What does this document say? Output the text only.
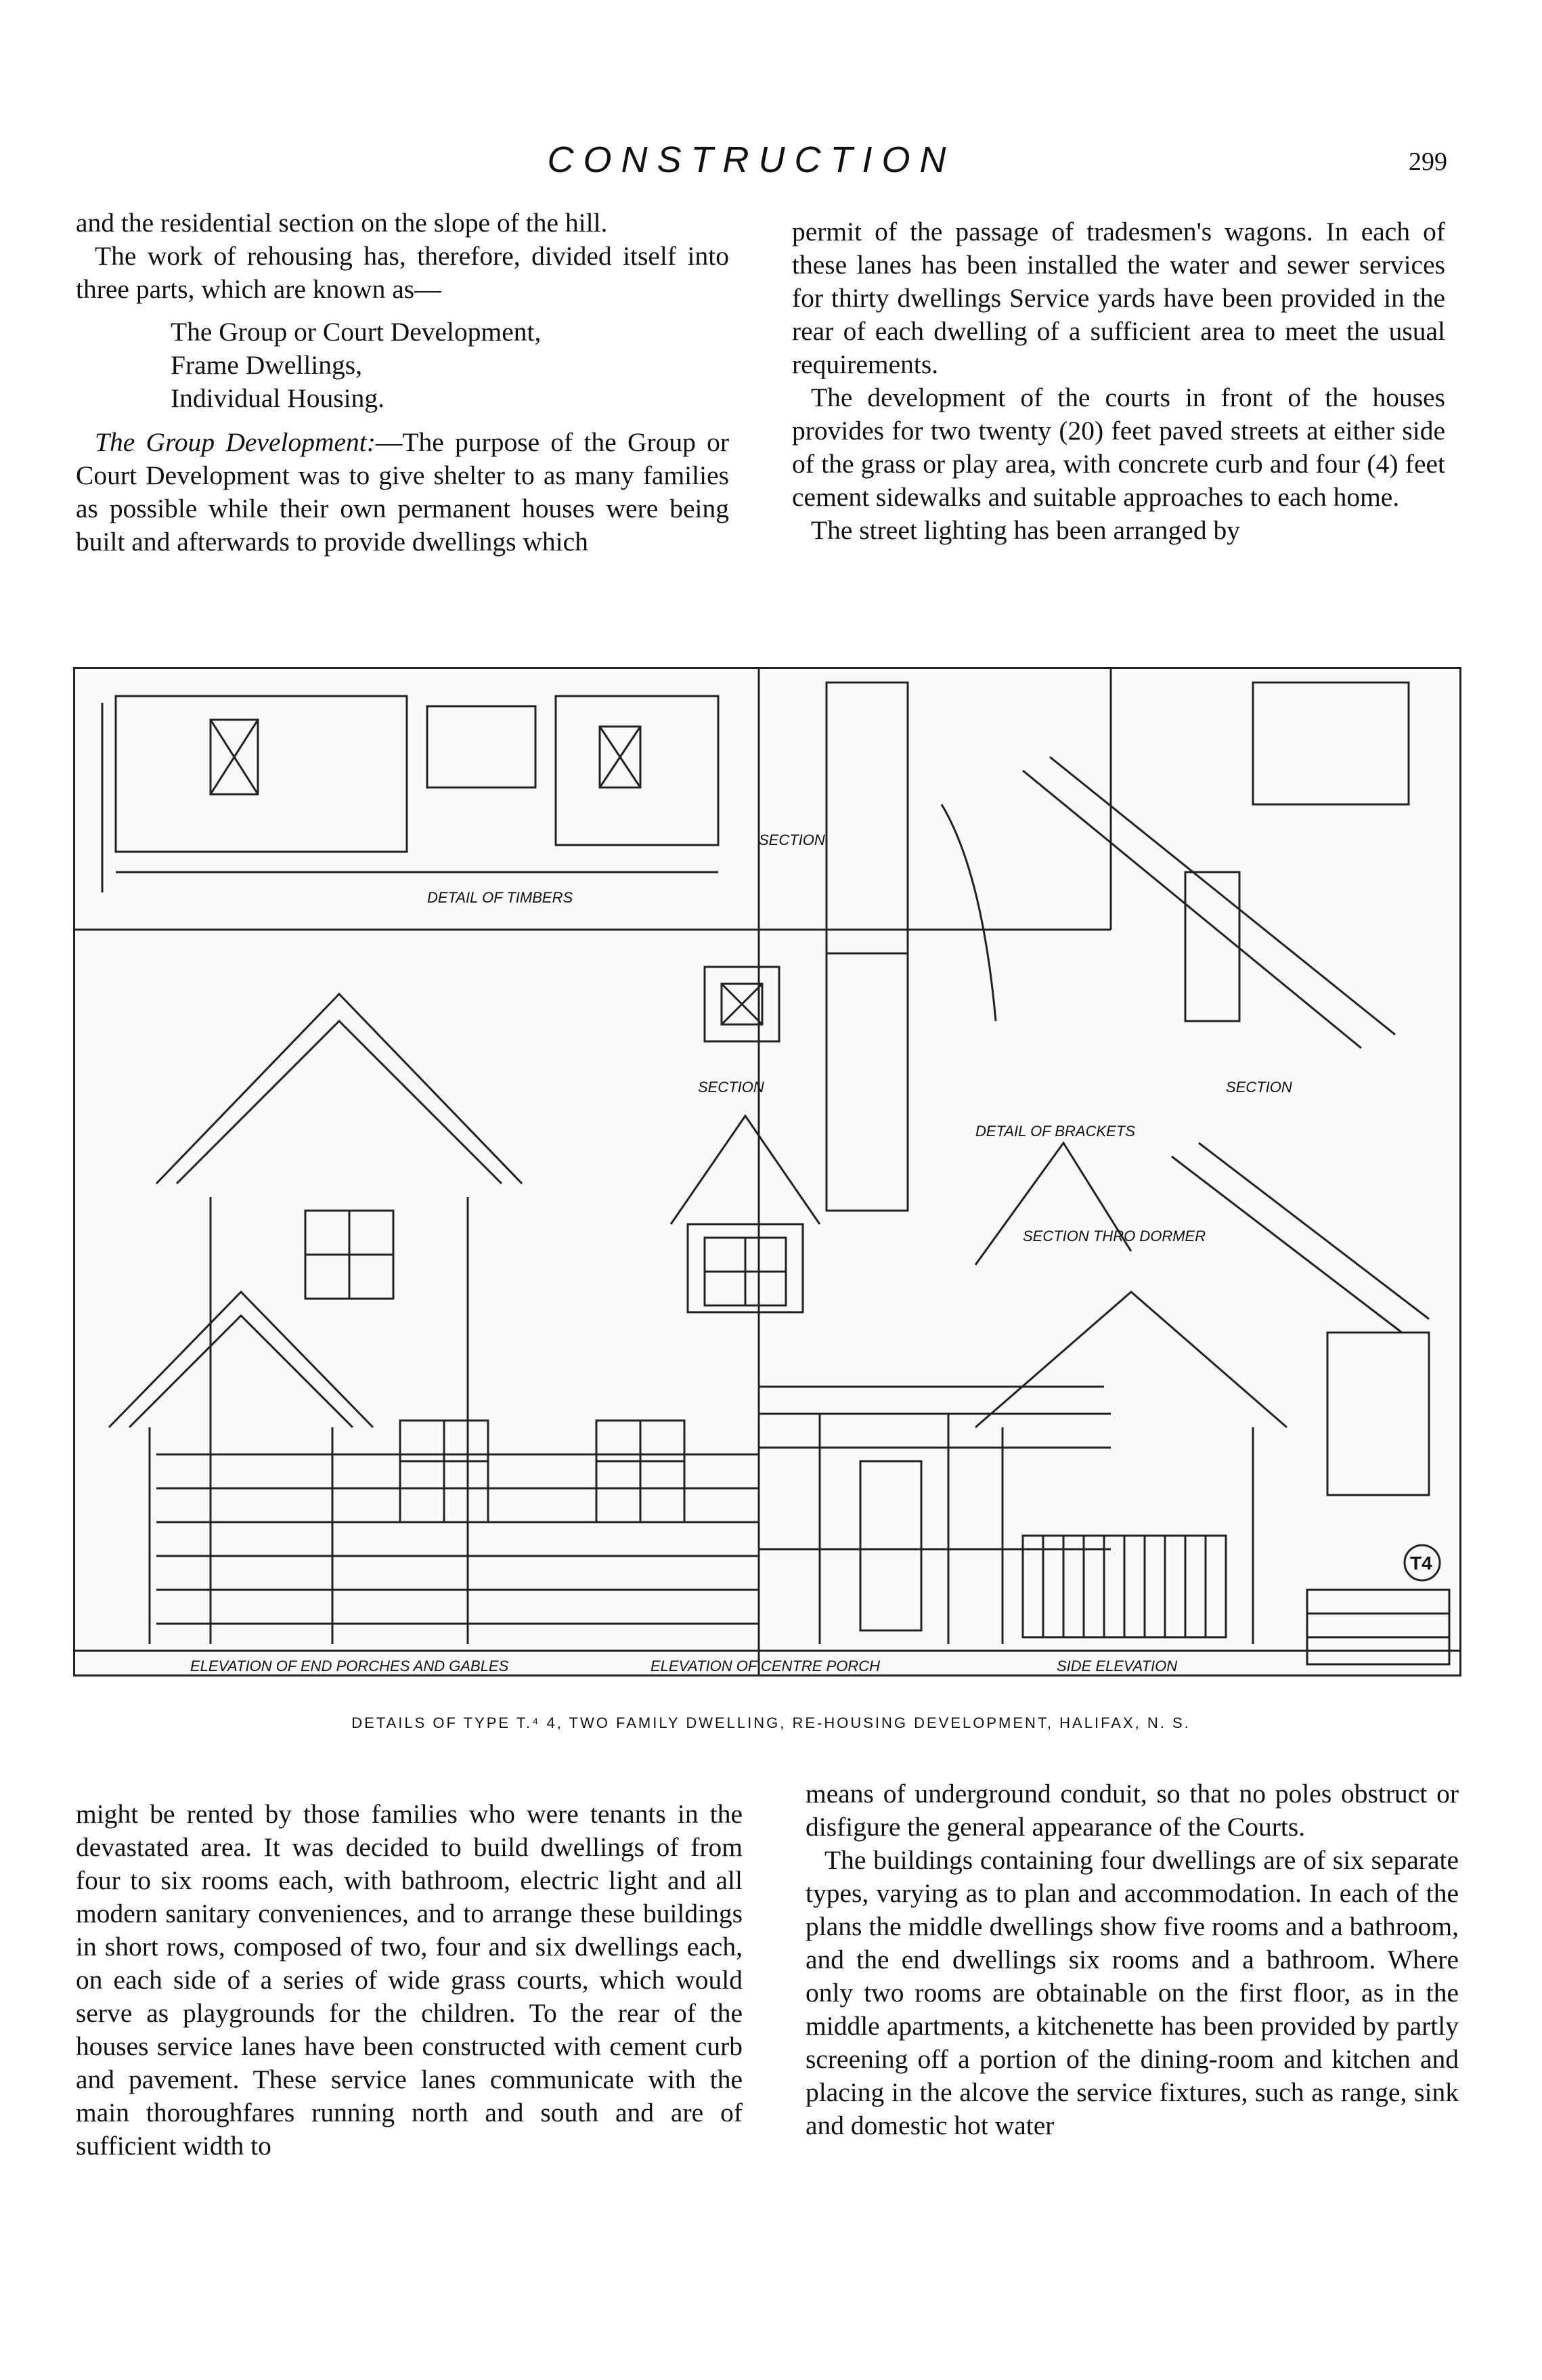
CONSTRUCTION	299

and the residential section on the slope of the hill.

The work of rehousing has, therefore, divided itself into three parts, which are known as—

The Group or Court Development,
Frame Dwellings,
Individual Housing.

The Group Development:—The purpose of the Group or Court Development was to give shelter to as many families as possible while their own permanent houses were being built and afterwards to provide dwellings which

permit of the passage of tradesmen's wagons. In each of these lanes has been installed the water and sewer services for thirty dwellings Service yards have been provided in the rear of each dwelling of a sufficient area to meet the usual requirements.

The development of the courts in front of the houses provides for two twenty (20) feet paved streets at either side of the grass or play area, with concrete curb and four (4) feet cement sidewalks and suitable approaches to each home.

The street lighting has been arranged by

DETAIL OF TIMBERS
SECTION
SECTION	SECTION
SECTION THRO DORMER
DETAIL OF BRACKETS
ELEVATION OF END PORCHES AND GABLES	ELEVATION OF CENTRE PORCH	SIDE ELEVATION
T4
DETAILS OF TYPE T.⁴ 4, TWO FAMILY DWELLING, RE-HOUSING DEVELOPMENT, HALIFAX, N. S.

might be rented by those families who were tenants in the devastated area. It was decided to build dwellings of from four to six rooms each, with bathroom, electric light and all modern sanitary conveniences, and to arrange these buildings in short rows, composed of two, four and six dwellings each, on each side of a series of wide grass courts, which would serve as playgrounds for the children. To the rear of the houses service lanes have been constructed with cement curb and pavement. These service lanes communicate with the main thoroughfares running north and south and are of sufficient width to

means of underground conduit, so that no poles obstruct or disfigure the general appearance of the Courts.

The buildings containing four dwellings are of six separate types, varying as to plan and accommodation. In each of the plans the middle dwellings show five rooms and a bathroom, and the end dwellings six rooms and a bathroom. Where only two rooms are obtainable on the first floor, as in the middle apartments, a kitchenette has been provided by partly screening off a portion of the dining-room and kitchen and placing in the alcove the service fixtures, such as range, sink and domestic hot water
